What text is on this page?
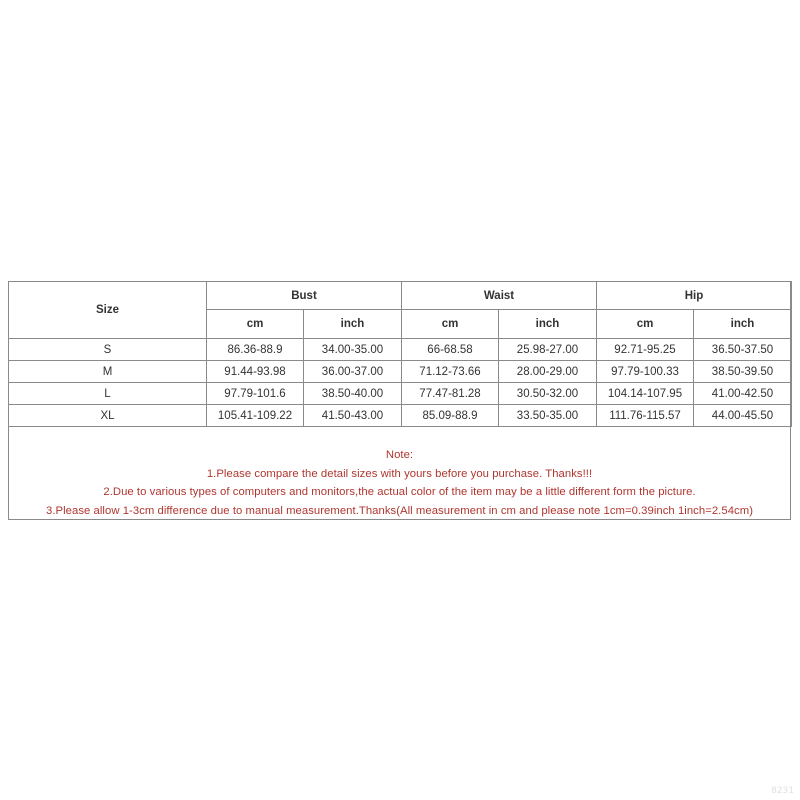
Size	Bust		Waist		Hip	
	cm	inch	cm	inch	cm	inch
S	86.36-88.9	34.00-35.00	66-68.58	25.98-27.00	92.71-95.25	36.50-37.50
M	91.44-93.98	36.00-37.00	71.12-73.66	28.00-29.00	97.79-100.33	38.50-39.50
L	97.79-101.6	38.50-40.00	77.47-81.28	30.50-32.00	104.14-107.95	41.00-42.50
XL	105.41-109.22	41.50-43.00	85.09-88.9	33.50-35.00	111.76-115.57	44.00-45.50
Note:
1.Please compare the detail sizes with yours before you purchase. Thanks!!!
2.Due to various types of computers and monitors,the actual color of the item may be a little different form the picture.
3.Please allow 1-3cm difference due to manual measurement.Thanks(All measurement in cm and please note 1cm=0.39inch 1inch=2.54cm)
8231
